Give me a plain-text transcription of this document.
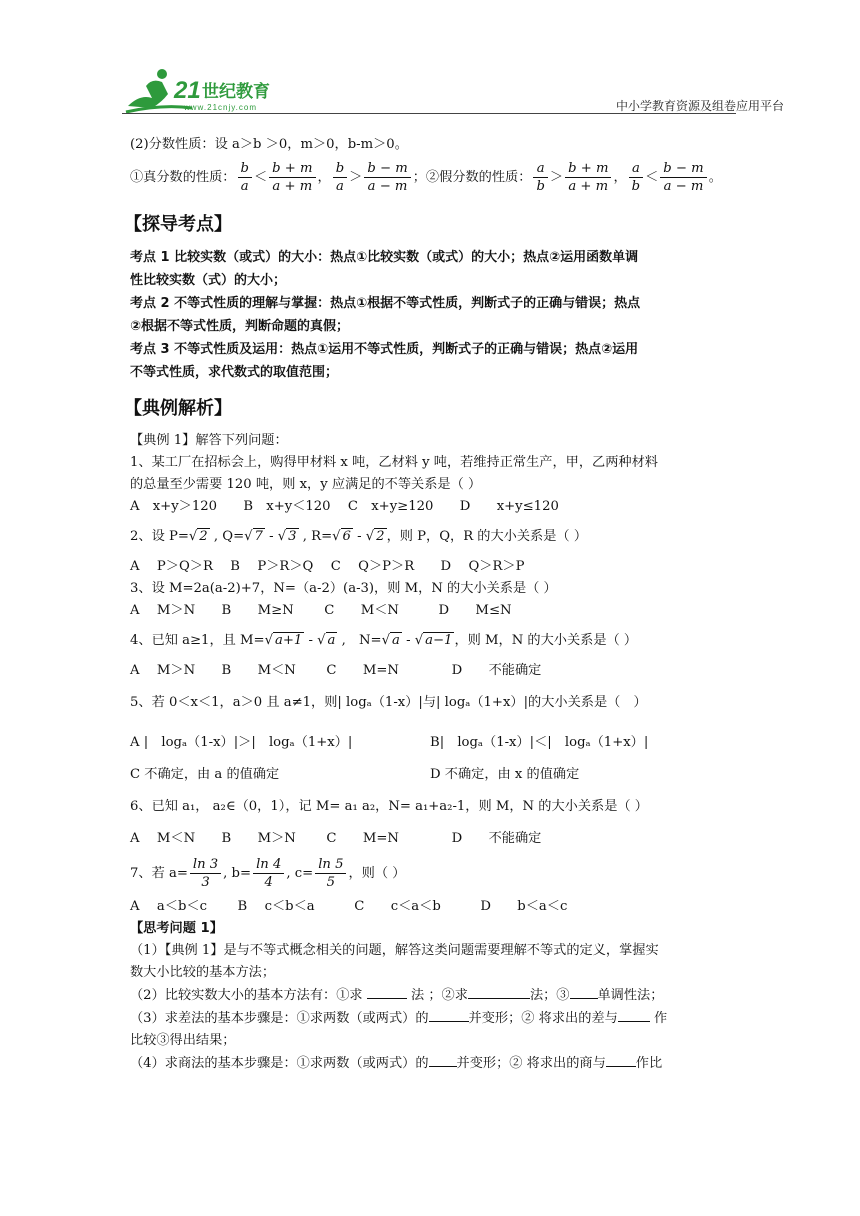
21 世纪教育
www.21cnjy.com	中小学教育资源及组卷应用平台
(2)分数性质：设 a＞b ＞0，m＞0，b-m＞0。
①真分数的性质： $\frac{b}{a} < \frac{b + m}{a + m}$ ， $\frac{b}{a} > \frac{b - m}{a - m}$ ；②假分数的性质： $\frac{a}{b} > \frac{b + m}{a + m}$ ， $\frac{a}{b} < \frac{b - m}{a - m}$ 。
【探导考点】
考点 1 比较实数（或式）的大小：热点①比较实数（或式）的大小；热点②运用函数单调
性比较实数（式）的大小；
考点 2 不等式性质的理解与掌握：热点①根据不等式性质，判断式子的正确与错误；热点
②根据不等式性质，判断命题的真假；
考点 3 不等式性质及运用：热点①运用不等式性质，判断式子的正确与错误；热点②运用
不等式性质，求代数式的取值范围；
【典例解析】
【典例 1】解答下列问题：
1、某工厂在招标会上，购得甲材料 x 吨，乙材料 y 吨，若维持正常生产，甲，乙两种材料
的总量至少需要 120 吨，则 x，y 应满足的不等关系是（ ）
A　x+y＞120　　B　x+y＜120　 C　x+y≥120　　D　　x+y≤120
2、设 P=√ 2 , Q=√ 7 - √ 3 , R=√ 6 - √ 2 ，则 P，Q，R 的大小关系是（ ）
A　 P＞Q＞R　 B　 P＞R＞Q　 C　 Q＞P＞R　　D　 Q＞R＞P
3、设 M=2a(a-2)+7，N=（a-2）(a-3)，则 M，N 的大小关系是（ ）
A　 M＞N　　B　　M≥N　　 C　　M＜N　　　D　　M≤N
4、已知 a≥1，且 M=√ a+1 - √ a ,　N=√ a - √ a−1 ，则 M，N 的大小关系是（ ）
A　 M＞N　　B　　M＜N　　 C　　M=N　　　　D　　不能确定
5、若 0＜x＜1，a＞0 且 a≠1，则| logₐ（1-x）|与| logₐ（1+x）|的大小关系是（　）
A |　logₐ（1-x）|＞|　logₐ（1+x）|	B|　logₐ（1-x）|＜|　logₐ（1+x）|
C 不确定，由 a 的值确定	D 不确定，由 x 的值确定
6、已知 a₁， a₂∈（0，1），记 M= a₁ a₂，N= a₁+a₂-1，则 M，N 的大小关系是（ ）
A　 M＜N　　B　　M＞N　　 C　　M=N　　　　D　　不能确定
7、若 $a= \frac{\ln 3}{3}$ , $b= \frac{\ln 4}{4}$ , $c= \frac{\ln 5}{5}$ ，则（ ）
A　 a＜b＜c　　 B　 c＜b＜a　　　C　　c＜a＜b　　　D　　b＜a＜c
【思考问题 1】
（1）【典例 1】是与不等式概念相关的问题，解答这类问题需要理解不等式的定义，掌握实
数大小比较的基本方法；
（2）比较实数大小的基本方法有：①求	法 ；②求	法；③ 单调性法；
（3）求差法的基本步骤是：①求两数（或两式）的	并变形；② 将求出的差与 作
比较③得出结果；
（4）求商法的基本步骤是：①求两数（或两式）的 并变形；② 将求出的商与 作比
